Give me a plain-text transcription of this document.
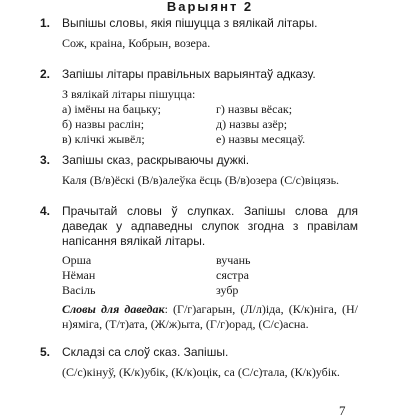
Варыянт 2
1. Выпішы словы, якія пішуцца з вялікай літары.

Сож, краіна, Кобрын, возера.

2. Запішы літары правільных варыянтаў адказу.

З вялікай літары пішуцца:

а) імёны на бацьку;	г) назвы вёсак;
б) назвы раслін;	д) назвы азёр;
в) клічкі жывёл;	е) назвы месяцаў.
3. Запішы сказ, раскрываючы дужкі.

Каля (В/в)ёскі (В/в)алеўка ёсць (В/в)озера (С/с)віцязь.

4. Прачытай словы ў слупках. Запішы слова для даведак у адпаведны слупок згодна з правілам напісання вялікай літары.

Орша	вучань
Нёман	сястра
Васіль	зубр

Словы для даведак: (Г/г)агарын, (Л/л)іда, (К/к)ніга, (Н/н)яміга, (Т/т)ата, (Ж/ж)ыта, (Г/г)орад, (С/с)асна.

5. Складзі са слоў сказ. Запішы.

(С/с)кінуў, (К/к)убік, (К/к)оцік, са (С/с)тала, (К/к)убік.

7
